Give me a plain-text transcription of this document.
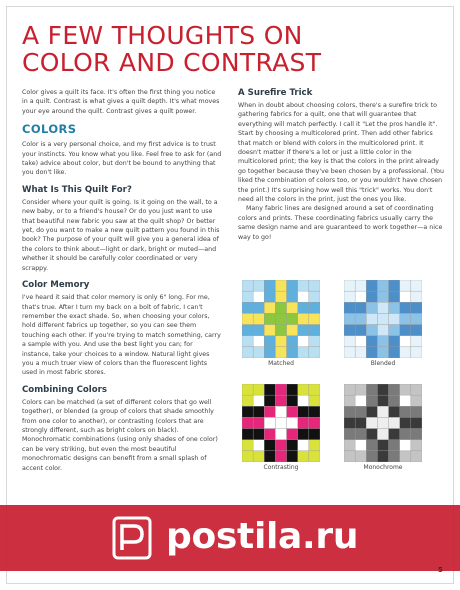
A FEW THOUGHTS ON
COLOR AND CONTRAST

Color gives a quilt its face. It's often the first thing you notice in a quilt. Contrast is what gives a quilt depth. It's what moves your eye around the quilt. Contrast gives a quilt power.

COLORS

Color is a very personal choice, and my first advice is to trust your instincts. You know what you like. Feel free to ask for (and take) advice about color, but don't be bound to anything that you don't like.

What Is This Quilt For?

Consider where your quilt is going. Is it going on the wall, to a new baby, or to a friend's house? Or do you just want to use that beautiful new fabric you saw at the quilt shop? Or better yet, do you want to make a new quilt pattern you found in this book? The purpose of your quilt will give you a general idea of the colors to think about—light or dark, bright or muted—and whether it should be carefully color coordinated or very scrappy.

Color Memory

I've heard it said that color memory is only 6" long. For me, that's true. After I turn my back on a bolt of fabric, I can't remember the exact shade. So, when choosing your colors, hold different fabrics up together, so you can see them touching each other. If you're trying to match something, carry a sample with you. And use the best light you can; for instance, take your choices to a window. Natural light gives you a much truer view of colors than the fluorescent lights used in most fabric stores.

Combining Colors

Colors can be matched (a set of different colors that go well together), or blended (a group of colors that shade smoothly from one color to another), or contrasting (colors that are strongly different, such as bright colors on black). Monochromatic combinations (using only shades of one color) can be very striking, but even the most beautiful monochromatic designs can benefit from a small splash of accent color.

A Surefire Trick

When in doubt about choosing colors, there's a surefire trick to gathering fabrics for a quilt, one that will guarantee that everything will match perfectly. I call it "Let the pros handle it". Start by choosing a multicolored print. Then add other fabrics that match or blend with colors in the multicolored print. It doesn't matter if there's a lot or just a little color in the multicolored print; the key is that the colors in the print already go together because they've been chosen by a professional. (You liked the combination of colors too, or you wouldn't have chosen the print.) It's surprising how well this "trick" works. You don't need all the colors in the print, just the ones you like.

Many fabric lines are designed around a set of coordinating colors and prints. These coordinating fabrics usually carry the same design name and are guaranteed to work together—a nice way to go!

Matched	Blended
Contrasting	Monochrome
postila.ru
5
